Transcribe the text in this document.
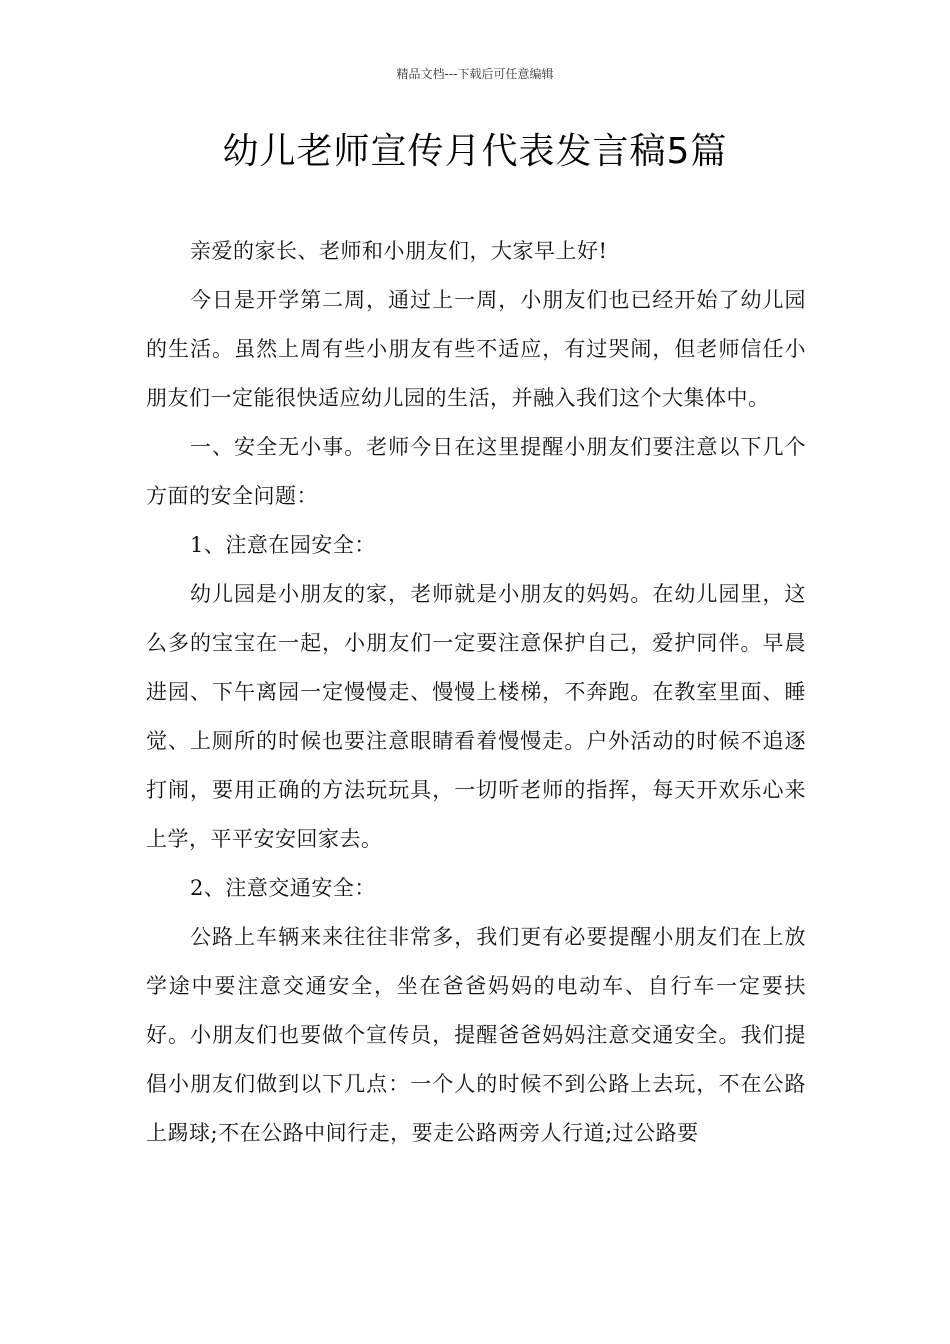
精品文档---下载后可任意编辑
幼儿老师宣传月代表发言稿5篇

亲爱的家长、老师和小朋友们，大家早上好!

今日是开学第二周，通过上一周，小朋友们也已经开始了幼儿园的生活。虽然上周有些小朋友有些不适应，有过哭闹，但老师信任小朋友们一定能很快适应幼儿园的生活，并融入我们这个大集体中。

一、安全无小事。老师今日在这里提醒小朋友们要注意以下几个方面的安全问题：

1、注意在园安全：

幼儿园是小朋友的家，老师就是小朋友的妈妈。在幼儿园里，这么多的宝宝在一起，小朋友们一定要注意保护自己，爱护同伴。早晨进园、下午离园一定慢慢走、慢慢上楼梯，不奔跑。在教室里面、睡觉、上厕所的时候也要注意眼睛看着慢慢走。户外活动的时候不追逐打闹，要用正确的方法玩玩具，一切听老师的指挥，每天开欢乐心来上学，平平安安回家去。

2、注意交通安全：

公路上车辆来来往往非常多，我们更有必要提醒小朋友们在上放学途中要注意交通安全，坐在爸爸妈妈的电动车、自行车一定要扶好。小朋友们也要做个宣传员，提醒爸爸妈妈注意交通安全。我们提倡小朋友们做到以下几点：一个人的时候不到公路上去玩，不在公路上踢球;不在公路中间行走，要走公路两旁人行道;过公路要
